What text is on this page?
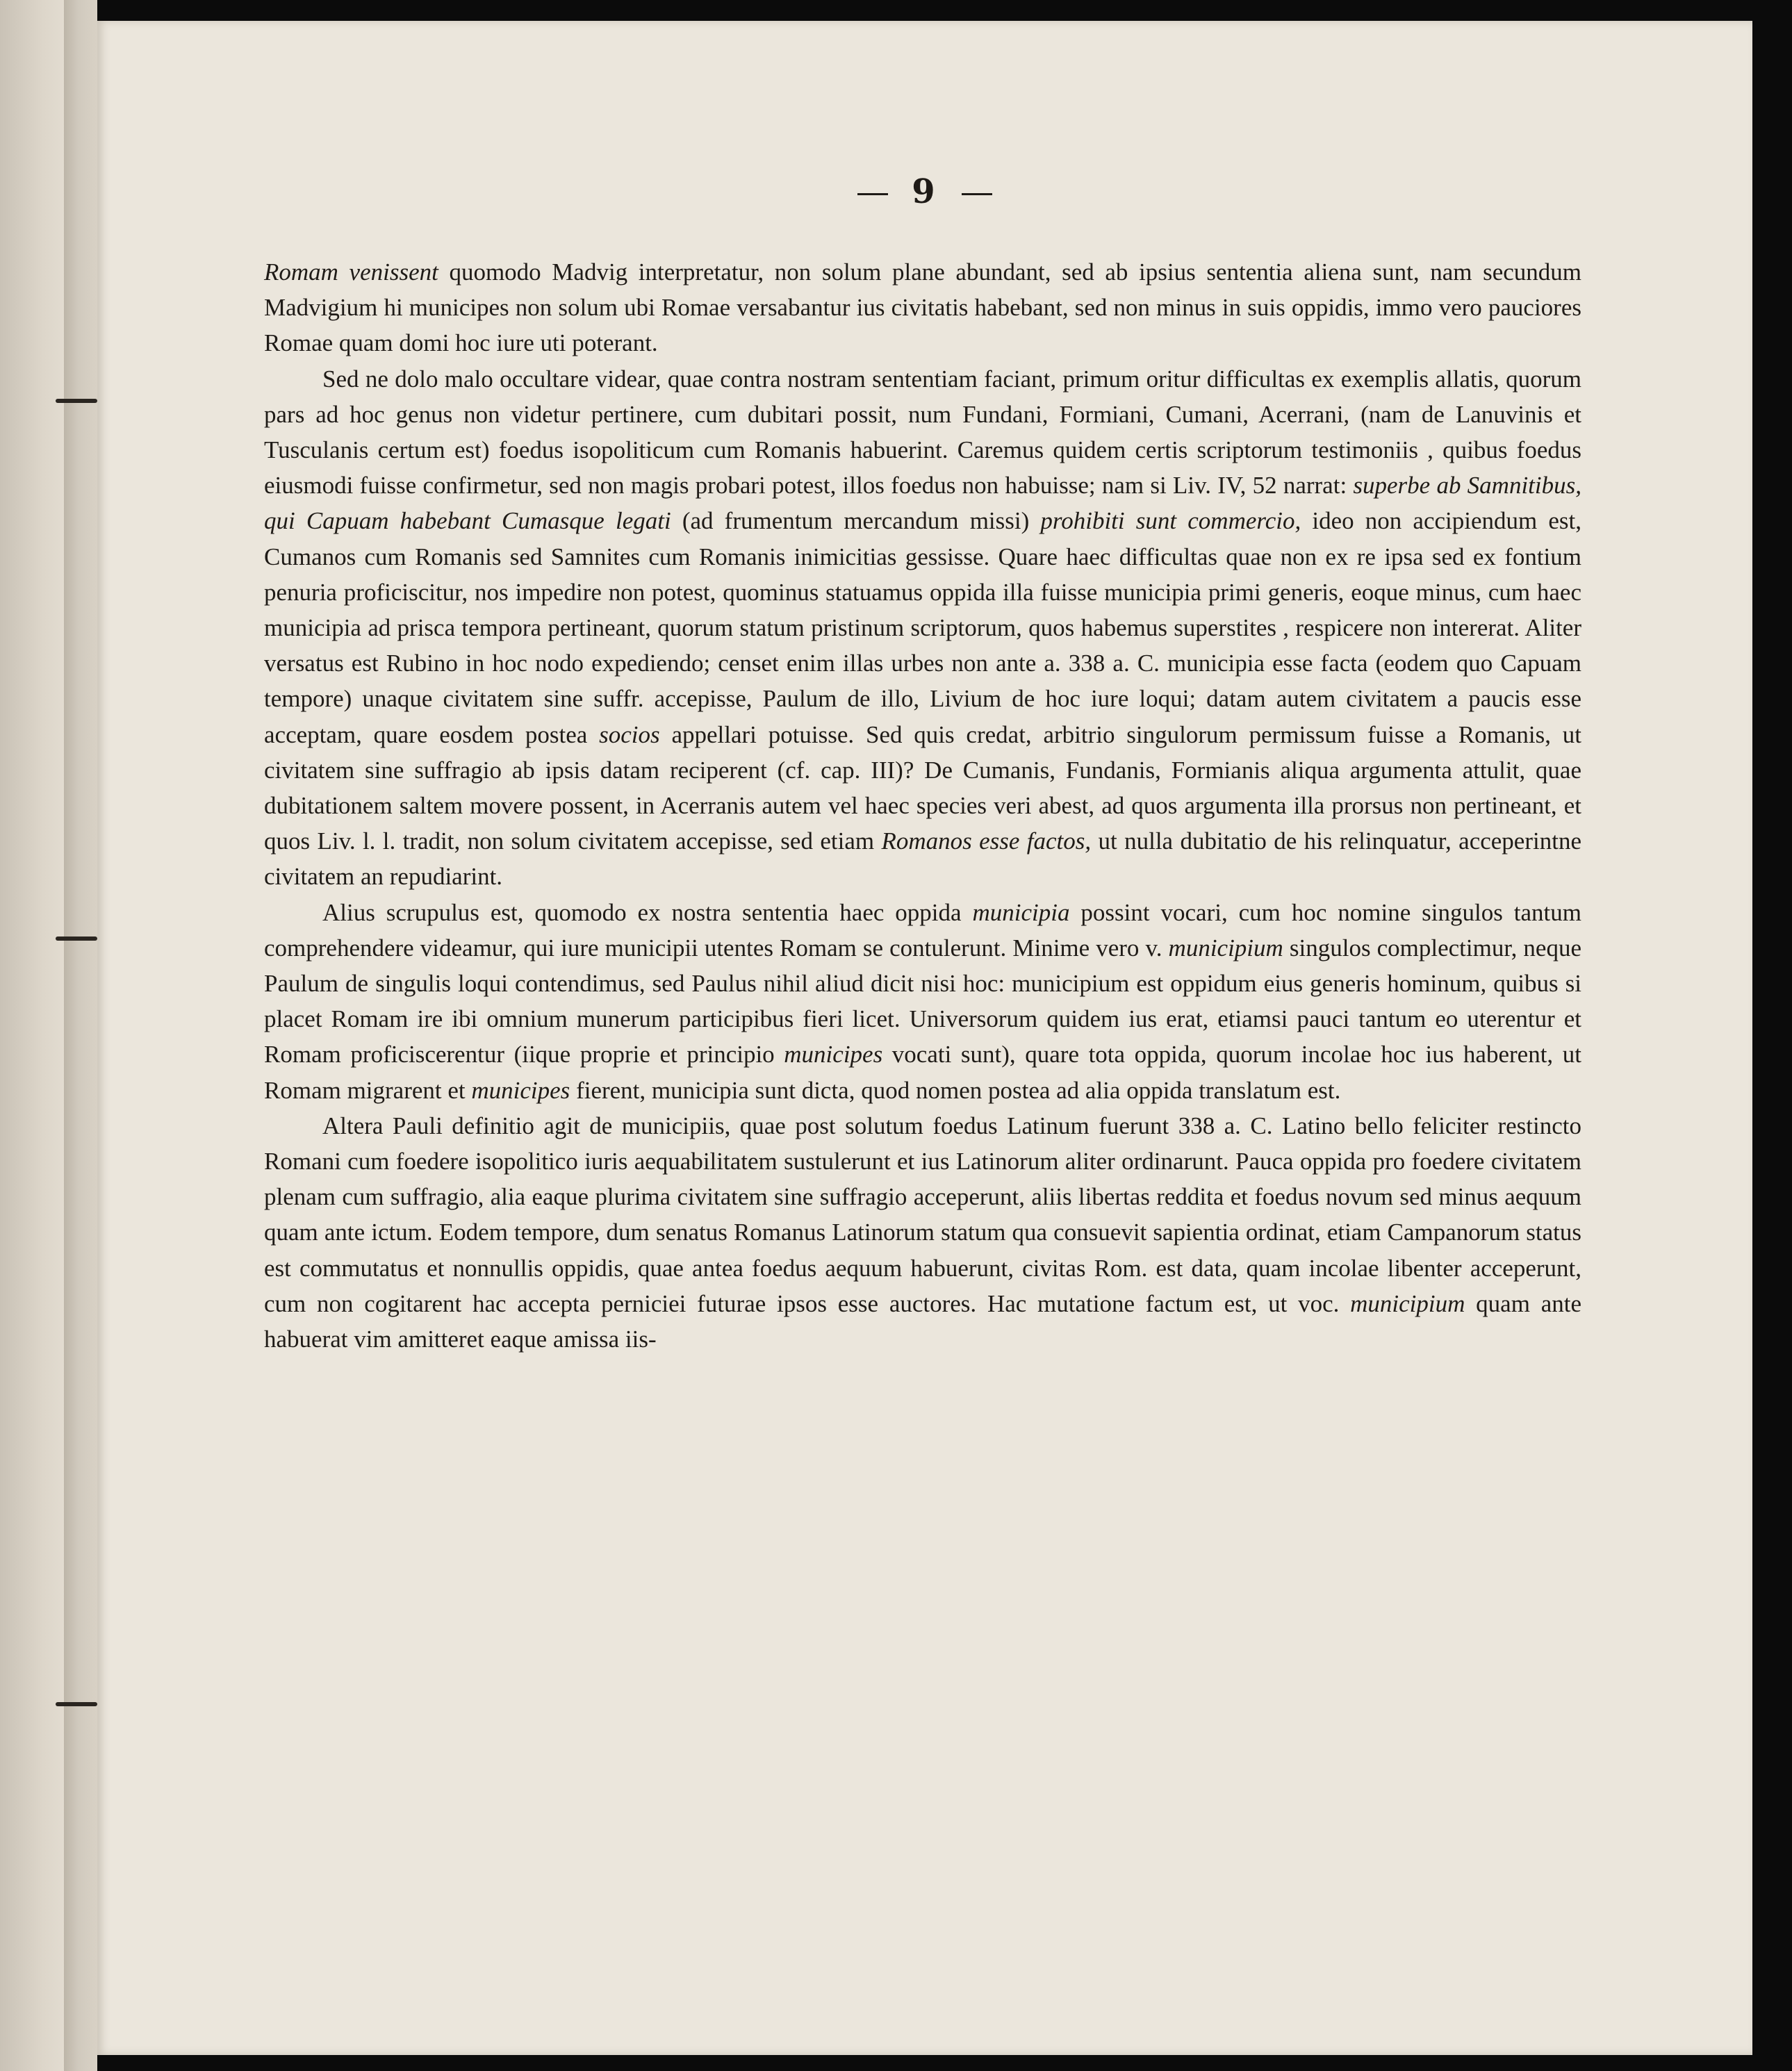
9

Romam venissent quomodo Madvig interpretatur, non solum plane abundant, sed ab ipsius sententia aliena sunt, nam secundum Madvigium hi municipes non solum ubi Romae versabantur ius civitatis habebant, sed non minus in suis oppidis, immo vero pauciores Romae quam domi hoc iure uti poterant.

Sed ne dolo malo occultare videar, quae contra nostram sententiam faciant, primum oritur difficultas ex exemplis allatis, quorum pars ad hoc genus non videtur pertinere, cum dubitari possit, num Fundani, Formiani, Cumani, Acerrani, (nam de Lanuvinis et Tusculanis certum est) foedus isopoliticum cum Romanis habuerint. Caremus quidem certis scriptorum testimoniis , quibus foedus eiusmodi fuisse confirmetur, sed non magis probari potest, illos foedus non habuisse; nam si Liv. IV, 52 narrat: superbe ab Samnitibus, qui Capuam habebant Cumasque legati (ad frumentum mercandum missi) prohibiti sunt commercio, ideo non accipiendum est, Cumanos cum Romanis sed Samnites cum Romanis inimicitias gessisse. Quare haec difficultas quae non ex re ipsa sed ex fontium penuria proficiscitur, nos impedire non potest, quominus statuamus oppida illa fuisse municipia primi generis, eoque minus, cum haec municipia ad prisca tempora pertineant, quorum statum pristinum scriptorum, quos habemus superstites , respicere non intererat. Aliter versatus est Rubino in hoc nodo expediendo; censet enim illas urbes non ante a. 338 a. C. municipia esse facta (eodem quo Capuam tempore) unaque civitatem sine suffr. accepisse, Paulum de illo, Livium de hoc iure loqui; datam autem civitatem a paucis esse acceptam, quare eosdem postea socios appellari potuisse. Sed quis credat, arbitrio singulorum permissum fuisse a Romanis, ut civitatem sine suffragio ab ipsis datam reciperent (cf. cap. III)? De Cumanis, Fundanis, Formianis aliqua argumenta attulit, quae dubitationem saltem movere possent, in Acerranis autem vel haec species veri abest, ad quos argumenta illa prorsus non pertineant, et quos Liv. l. l. tradit, non solum civitatem accepisse, sed etiam Romanos esse factos, ut nulla dubitatio de his relinquatur, acceperintne civitatem an repudiarint.

Alius scrupulus est, quomodo ex nostra sententia haec oppida municipia possint vocari, cum hoc nomine singulos tantum comprehendere videamur, qui iure municipii utentes Romam se contulerunt. Minime vero v. municipium singulos complectimur, neque Paulum de singulis loqui contendimus, sed Paulus nihil aliud dicit nisi hoc: municipium est oppidum eius generis hominum, quibus si placet Romam ire ibi omnium munerum participibus fieri licet. Universorum quidem ius erat, etiamsi pauci tantum eo uterentur et Romam proficiscerentur (iique proprie et principio municipes vocati sunt), quare tota oppida, quorum incolae hoc ius haberent, ut Romam migrarent et municipes fierent, municipia sunt dicta, quod nomen postea ad alia oppida translatum est.

Altera Pauli definitio agit de municipiis, quae post solutum foedus Latinum fuerunt 338 a. C. Latino bello feliciter restincto Romani cum foedere isopolitico iuris aequabilitatem sustulerunt et ius Latinorum aliter ordinarunt. Pauca oppida pro foedere civitatem plenam cum suffragio, alia eaque plurima civitatem sine suffragio acceperunt, aliis libertas reddita et foedus novum sed minus aequum quam ante ictum. Eodem tempore, dum senatus Romanus Latinorum statum qua consuevit sapientia ordinat, etiam Campanorum status est commutatus et nonnullis oppidis, quae antea foedus aequum habuerunt, civitas Rom. est data, quam incolae libenter acceperunt, cum non cogitarent hac accepta perniciei futurae ipsos esse auctores. Hac mutatione factum est, ut voc. municipium quam ante habuerat vim amitteret eaque amissa iis-
